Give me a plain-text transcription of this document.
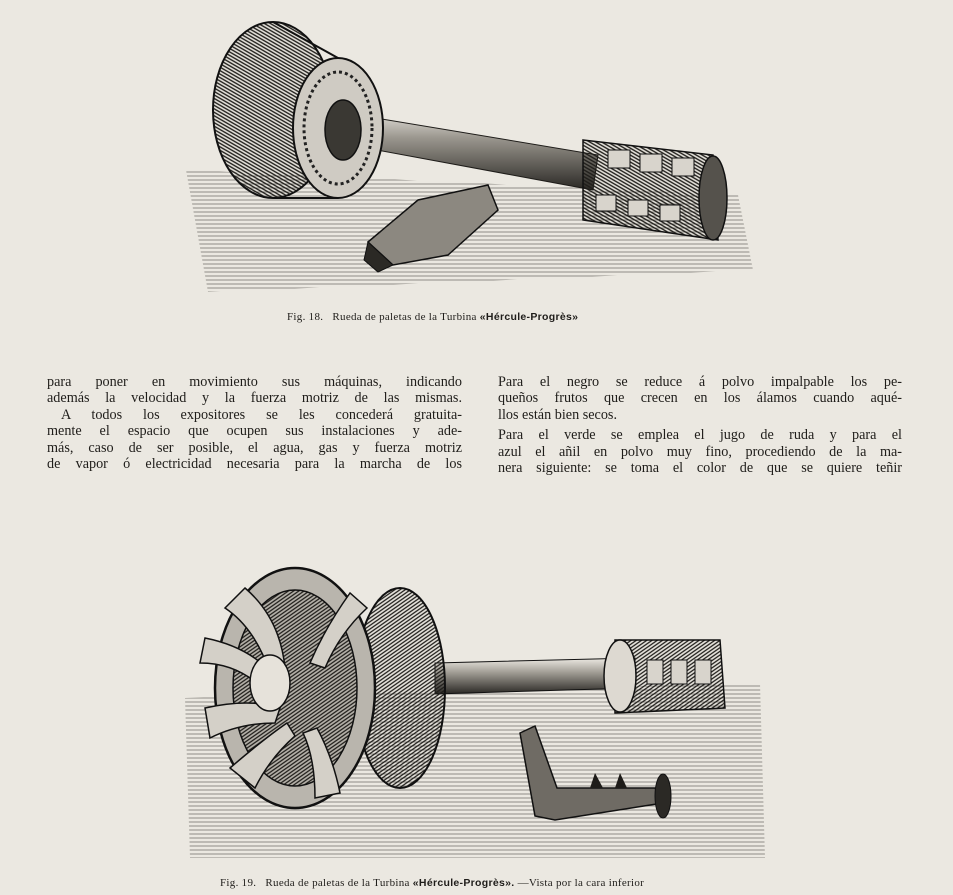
Fig. 18. Rueda de paletas de la Turbina «Hércule-Progrès»
para poner en movimiento sus máquinas, indicando
además la velocidad y la fuerza motriz de las mismas.
A todos los expositores se les concederá gratuita-
mente el espacio que ocupen sus instalaciones y ade-
más, caso de ser posible, el agua, gas y fuerza motriz
de vapor ó electricidad necesaria para la marcha de los
Para el negro se reduce á polvo impalpable los pe-
queños frutos que crecen en los álamos cuando aqué-
llos están bien secos.
Para el verde se emplea el jugo de ruda y para el
azul el añil en polvo muy fino, procediendo de la ma-
nera siguiente: se toma el color de que se quiere teñir
Fig. 19. Rueda de paletas de la Turbina «Hércule-Progrès». —Vista por la cara inferior
